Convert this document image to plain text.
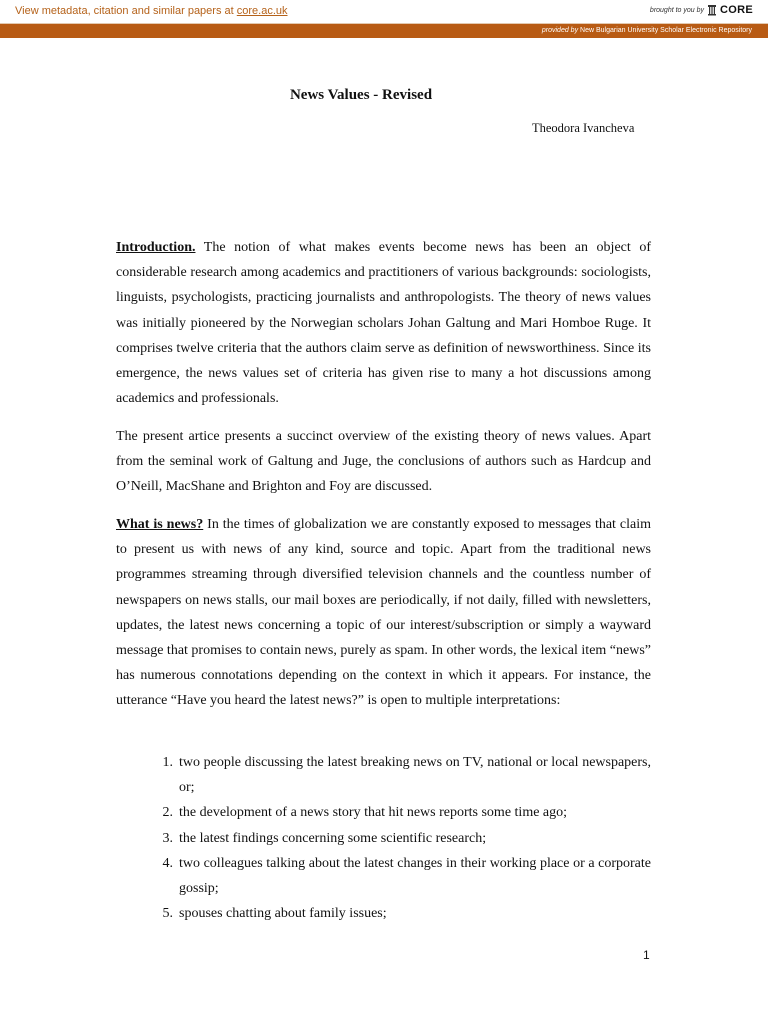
View metadata, citation and similar papers at core.ac.uk	brought to you by CORE
provided by New Bulgarian University Scholar Electronic Repository
News Values - Revised
Theodora Ivancheva

Introduction. The notion of what makes events become news has been an object of considerable research among academics and practitioners of various backgrounds: sociologists, linguists, psychologists, practicing journalists and anthropologists. The theory of news values was initially pioneered by the Norwegian scholars Johan Galtung and Mari Homboe Ruge. It comprises twelve criteria that the authors claim serve as definition of newsworthiness. Since its emergence, the news values set of criteria has given rise to many a hot discussions among academics and professionals.

The present artice presents a succinct overview of the existing theory of news values. Apart from the seminal work of Galtung and Juge, the conclusions of authors such as Hardcup and O’Neill, MacShane and Brighton and Foy are discussed.

What is news? In the times of globalization we are constantly exposed to messages that claim to present us with news of any kind, source and topic. Apart from the traditional news programmes streaming through diversified television channels and the countless number of newspapers on news stalls, our mail boxes are periodically, if not daily, filled with newsletters, updates, the latest news concerning a topic of our interest/subscription or simply a wayward message that promises to contain news, purely as spam. In other words, the lexical item “news” has numerous connotations depending on the context in which it appears. For instance, the utterance “Have you heard the latest news?” is open to multiple interpretations:

1. two people discussing the latest breaking news on TV, national or local newspapers, or;
2. the development of a news story that hit news reports some time ago;
3. the latest findings concerning some scientific research;
4. two colleagues talking about the latest changes in their working place or a corporate gossip;
5. spouses chatting about family issues;
1
